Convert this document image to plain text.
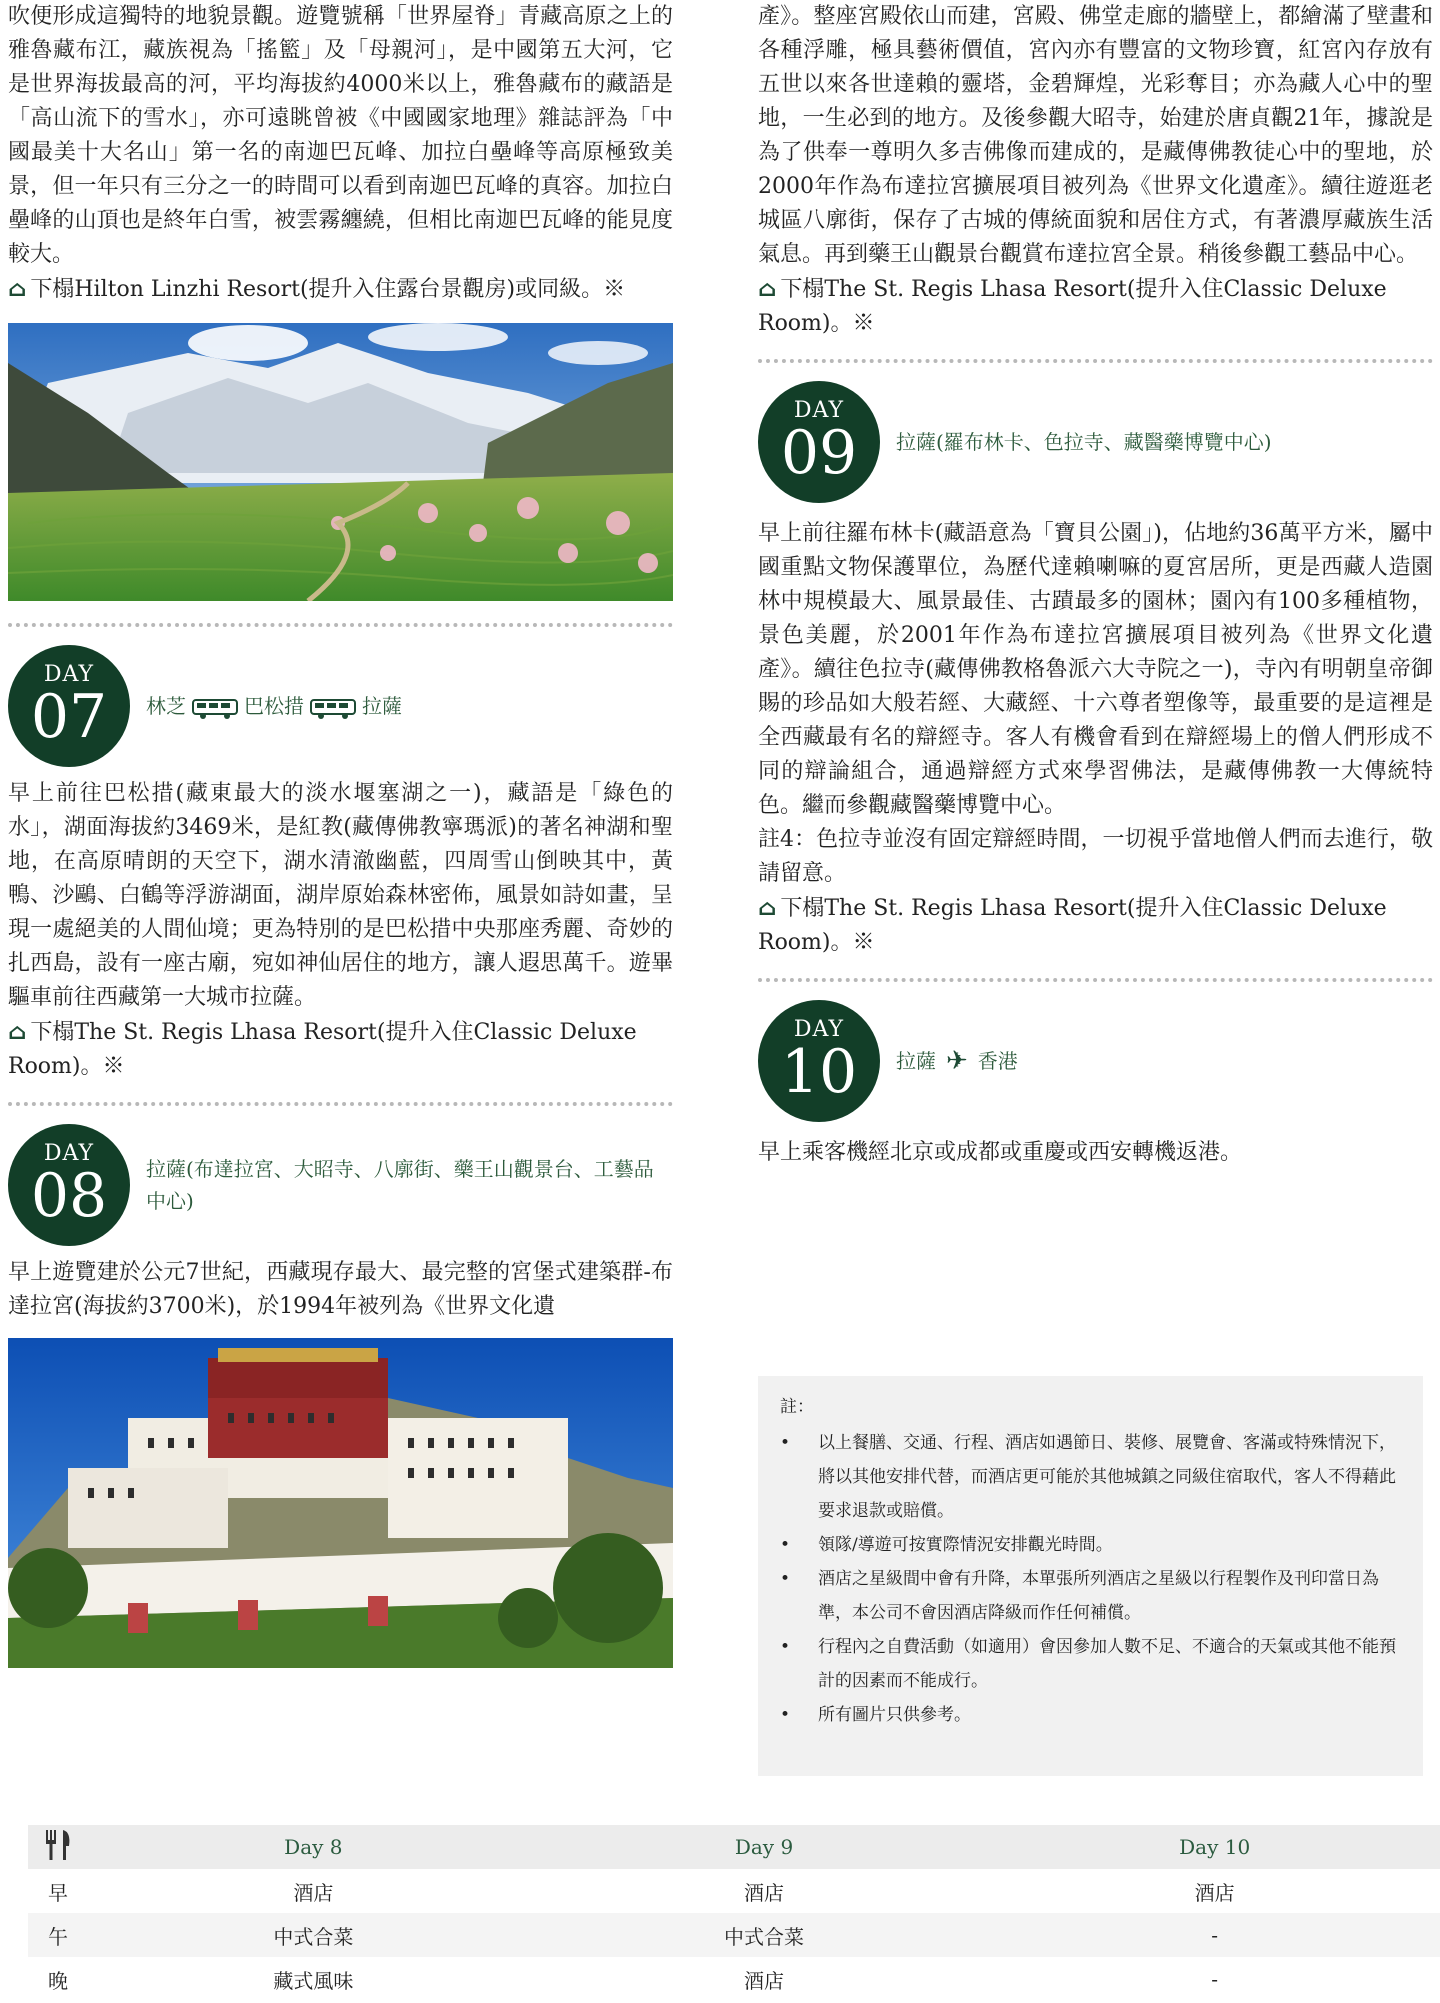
吹便形成這獨特的地貌景觀。遊覽號稱「世界屋脊」青藏高原之上的雅魯藏布江，藏族視為「搖籃」及「母親河」，是中國第五大河，它是世界海拔最高的河，平均海拔約4000米以上，雅魯藏布的藏語是「高山流下的雪水」，亦可遠眺曾被《中國國家地理》雜誌評為「中國最美十大名山」第一名的南迦巴瓦峰、加拉白壘峰等高原極致美景，但一年只有三分之一的時間可以看到南迦巴瓦峰的真容。加拉白壘峰的山頂也是終年白雪，被雲霧纏繞，但相比南迦巴瓦峰的能見度較大。

⌂ 下榻Hilton Linzhi Resort(提升入住露台景觀房)或同級。※

DAY
07 林芝	巴松措	拉薩

早上前往巴松措(藏東最大的淡水堰塞湖之一)，藏語是「綠色的水」，湖面海拔約3469米，是紅教(藏傳佛教寧瑪派)的著名神湖和聖地，在高原晴朗的天空下，湖水清澈幽藍，四周雪山倒映其中，黃鴨、沙鷗、白鶴等浮游湖面，湖岸原始森林密佈，風景如詩如畫，呈現一處絕美的人間仙境；更為特別的是巴松措中央那座秀麗、奇妙的扎西島，設有一座古廟，宛如神仙居住的地方，讓人遐思萬千。遊畢驅車前往西藏第一大城市拉薩。

⌂ 下榻The St. Regis Lhasa Resort(提升入住Classic Deluxe Room)。※

DAY
08 拉薩(布達拉宮、大昭寺、八廓街、藥王山觀景台、工藝品中心)

早上遊覽建於公元7世紀，西藏現存最大、最完整的宮堡式建築群-布達拉宮(海拔約3700米)，於1994年被列為《世界文化遺

產》。整座宮殿依山而建，宮殿、佛堂走廊的牆壁上，都繪滿了壁畫和各種浮雕，極具藝術價值，宮內亦有豐富的文物珍寶，紅宮內存放有五世以來各世達賴的靈塔，金碧輝煌，光彩奪目；亦為藏人心中的聖地，一生必到的地方。及後參觀大昭寺，始建於唐貞觀21年，據說是為了供奉一尊明久多吉佛像而建成的，是藏傳佛教徒心中的聖地，於2000年作為布達拉宮擴展項目被列為《世界文化遺產》。續往遊逛老城區八廓街，保存了古城的傳統面貌和居住方式，有著濃厚藏族生活氣息。再到藥王山觀景台觀賞布達拉宮全景。稍後參觀工藝品中心。

⌂ 下榻The St. Regis Lhasa Resort(提升入住Classic Deluxe Room)。※

DAY
09 拉薩(羅布林卡、色拉寺、藏醫藥博覽中心)

早上前往羅布林卡(藏語意為「寶貝公園」)，佔地約36萬平方米，屬中國重點文物保護單位，為歷代達賴喇嘛的夏宮居所，更是西藏人造園林中規模最大、風景最佳、古蹟最多的園林；園內有100多種植物，景色美麗，於2001年作為布達拉宮擴展項目被列為《世界文化遺產》。續往色拉寺(藏傳佛教格魯派六大寺院之一)，寺內有明朝皇帝御賜的珍品如大般若經、大藏經、十六尊者塑像等，最重要的是這裡是全西藏最有名的辯經寺。客人有機會看到在辯經場上的僧人們形成不同的辯論組合，通過辯經方式來學習佛法，是藏傳佛教一大傳統特色。繼而參觀藏醫藥博覽中心。

註4：色拉寺並沒有固定辯經時間，一切視乎當地僧人們而去進行，敬請留意。

⌂ 下榻The St. Regis Lhasa Resort(提升入住Classic Deluxe Room)。※

DAY
10 拉薩 ✈ 香港

早上乘客機經北京或成都或重慶或西安轉機返港。

註：
• 以上餐膳、交通、行程、酒店如遇節日、裝修、展覽會、客滿或特殊情況下，將以其他安排代替，而酒店更可能於其他城鎮之同級住宿取代，客人不得藉此要求退款或賠償。
• 領隊/導遊可按實際情況安排觀光時間。
• 酒店之星級間中會有升降，本單張所列酒店之星級以行程製作及刊印當日為準，本公司不會因酒店降級而作任何補償。
• 行程內之自費活動（如適用）會因參加人數不足、不適合的天氣或其他不能預計的因素而不能成行。
• 所有圖片只供參考。
Day 8	Day 9	Day 10
早	酒店	酒店	酒店
午	中式合菜	中式合菜	-
晚	藏式風味	酒店	-
